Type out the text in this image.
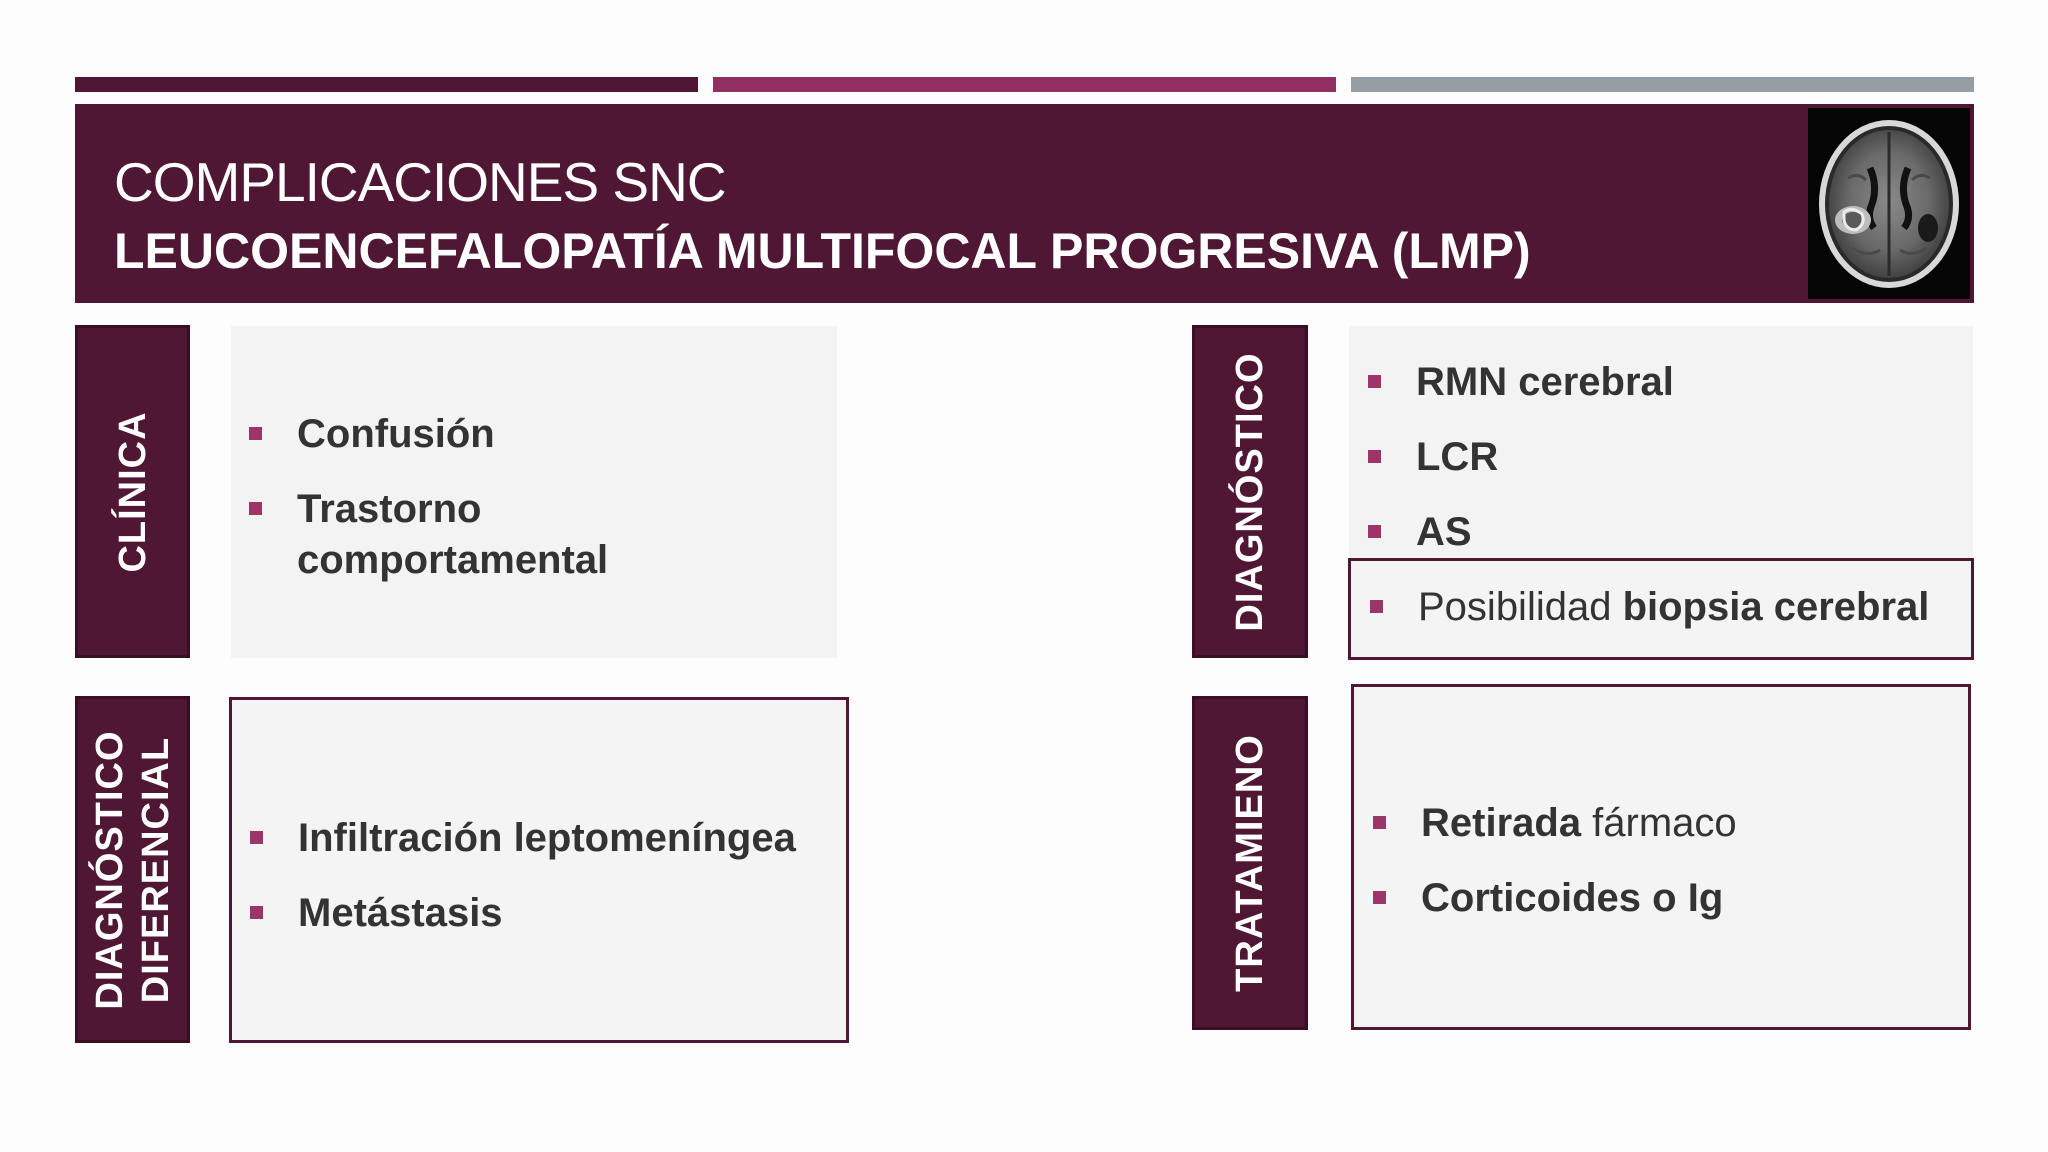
COMPLICACIONES SNC
LEUCOENCEFALOPATÍA MULTIFOCAL PROGRESIVA (LMP)
CLÍNICA	Confusión
Trastorno
comportamental
DIAGNÓSTICO DIFERENCIAL	Infiltración leptomeníngea
Metástasis
DIAGNÓSTICO	RMN cerebral
LCR
AS
Posibilidad biopsia cerebral
TRATAMIENO	Retirada fármaco
Corticoides o Ig
